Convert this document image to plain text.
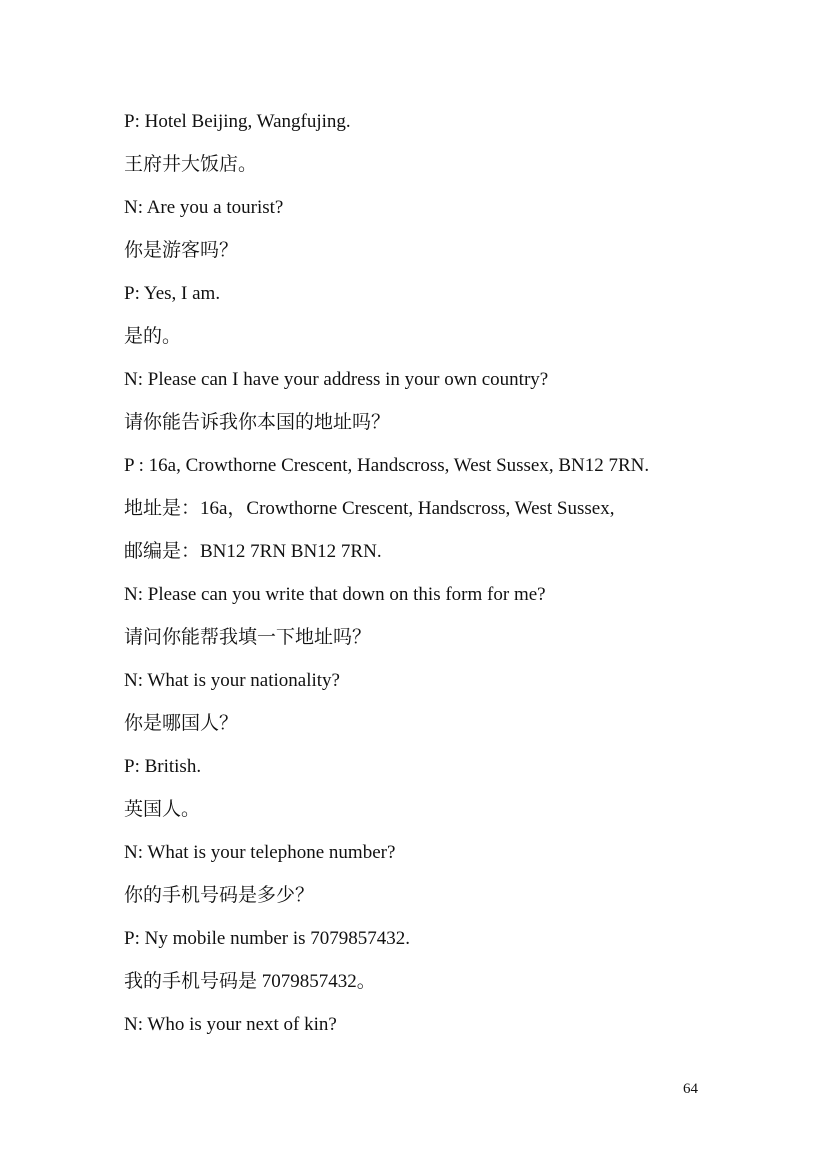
P: Hotel Beijing, Wangfujing.
王府井大饭店。
N: Are you a tourist?
你是游客吗？
P: Yes, I am.
是的。
N: Please can I have your address in your own country?
请你能告诉我你本国的地址吗？
P : 16a, Crowthorne Crescent, Handscross, West Sussex, BN12 7RN.
地址是：16a，Crowthorne Crescent, Handscross, West Sussex,
邮编是：BN12 7RN BN12 7RN.
N: Please can you write that down on this form for me?
请问你能帮我填一下地址吗？
N: What is your nationality?
你是哪国人？
P: British.
英国人。
N: What is your telephone number?
你的手机号码是多少？
P: Ny mobile number is 7079857432.
我的手机号码是 7079857432。
N: Who is your next of kin?
64
